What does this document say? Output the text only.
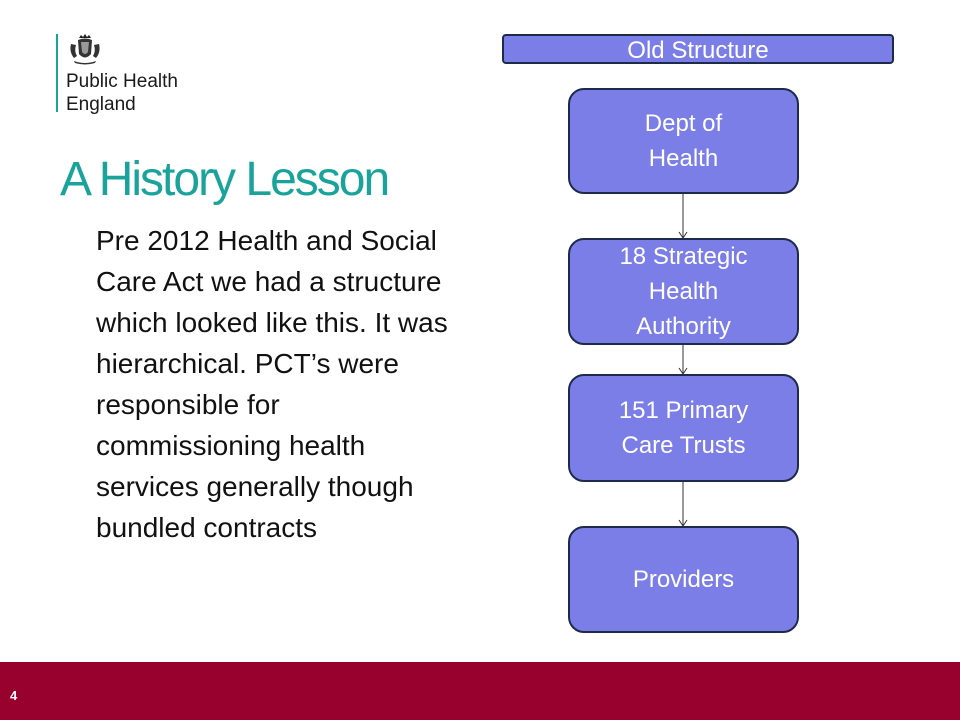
Public Health
England
A History Lesson

Pre 2012 Health and Social Care Act we had a structure which looked like this. It was hierarchical. PCT’s were responsible for commissioning health services generally though bundled contracts

Old Structure
Dept of
Health
18 Strategic
Health
Authority
151 Primary
Care Trusts
Providers
4
